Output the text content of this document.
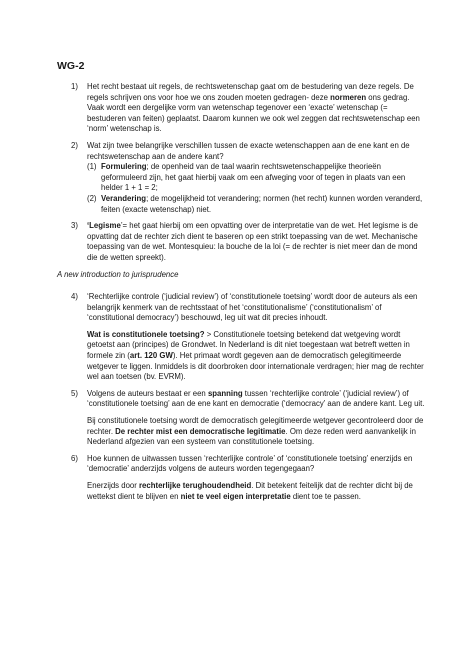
WG-2
1) Het recht bestaat uit regels, de rechtswetenschap gaat om de bestudering van deze regels. De regels schrijven ons voor hoe we ons zouden moeten gedragen- deze normeren ons gedrag. Vaak wordt een dergelijke vorm van wetenschap tegenover een ‘exacte’ wetenschap (= bestuderen van feiten) geplaatst. Daarom kunnen we ook wel zeggen dat rechtswetenschap een ‘norm’ wetenschap is.

2) Wat zijn twee belangrijke verschillen tussen de exacte wetenschappen aan de ene kant en de rechtswetenschap aan de andere kant?

(1) Formulering; de openheid van de taal waarin rechtswetenschappelijke theorieën geformuleerd zijn, het gaat hierbij vaak om een afweging voor of tegen in plaats van een helder 1 + 1 = 2;
(2) Verandering; de mogelijkheid tot verandering; normen (het recht) kunnen worden veranderd, feiten (exacte wetenschap) niet.
3) ‘Legisme’= het gaat hierbij om een opvatting over de interpretatie van de wet. Het legisme is de opvatting dat de rechter zich dient te baseren op een strikt toepassing van de wet. Mechanische toepassing van de wet. Montesquieu: la bouche de la loi (= de rechter is niet meer dan de mond die de wetten spreekt).

A new introduction to jurisprudence

4) ‘Rechterlijke controle (‘judicial review’) of ‘constitutionele toetsing’ wordt door de auteurs als een belangrijk kenmerk van de rechtsstaat of het ‘constitutionalisme’ (‘constitutionalism’ of ‘constitutional democracy’) beschouwd, leg uit wat dit precies inhoudt.

Wat is constitutionele toetsing? > Constitutionele toetsing betekend dat wetgeving wordt getoetst aan (principes) de Grondwet. In Nederland is dit niet toegestaan wat betreft wetten in formele zin (art. 120 GW). Het primaat wordt gegeven aan de democratisch gelegitimeerde wetgever te liggen. Inmiddels is dit doorbroken door internationale verdragen; hier mag de rechter wel aan toetsen (bv. EVRM).

5) Volgens de auteurs bestaat er een spanning tussen ‘rechterlijke controle’ (‘judicial review’) of ‘constitutionele toetsing’ aan de ene kant en democratie (‘democracy’ aan de andere kant. Leg uit.

Bij constitutionele toetsing wordt de democratisch gelegitimeerde wetgever gecontroleerd door de rechter. De rechter mist een democratische legitimatie. Om deze reden werd aanvankelijk in Nederland afgezien van een systeem van constitutionele toetsing.

6) Hoe kunnen de uitwassen tussen ‘rechterlijke controle’ of ‘constitutionele toetsing’ enerzijds en ‘democratie’ anderzijds volgens de auteurs worden tegengegaan?

Enerzijds door rechterlijke terughoudendheid. Dit betekent feitelijk dat de rechter dicht bij de wettekst dient te blijven en niet te veel eigen interpretatie dient toe te passen.
